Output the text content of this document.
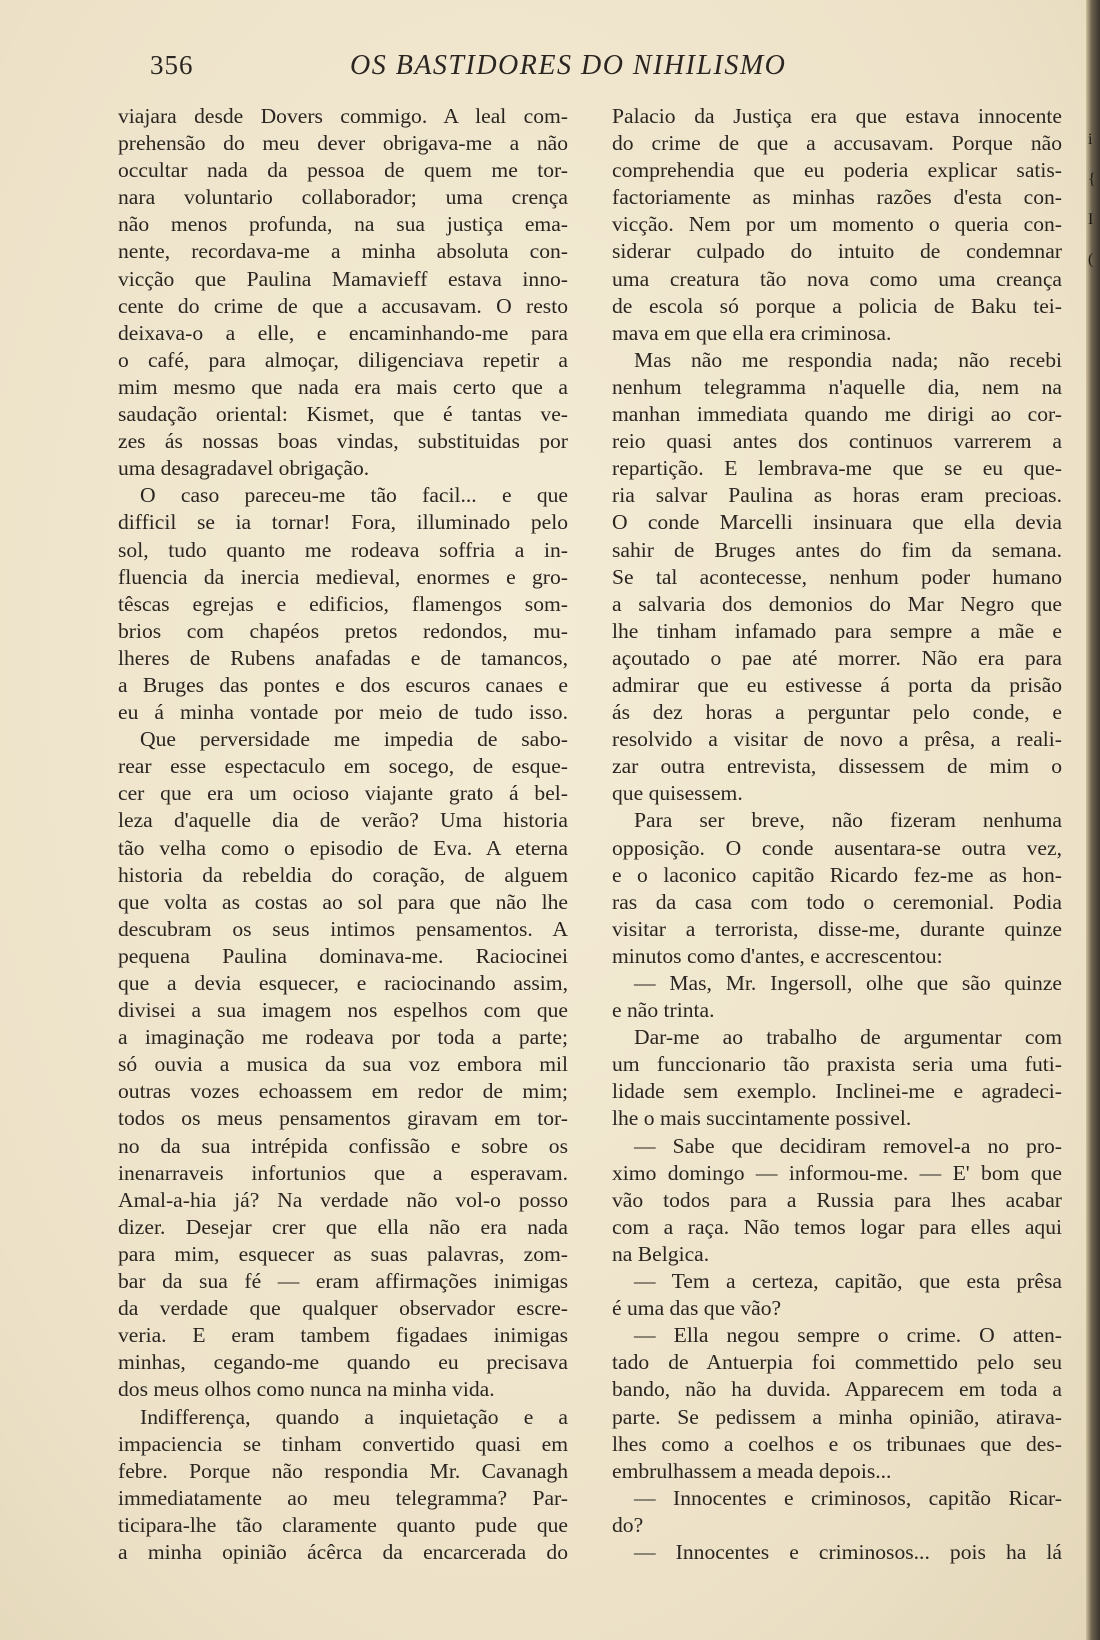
356	OS BASTIDORES DO NIHILISMO
viajara desde Dovers commigo. A leal com-
prehensão do meu dever obrigava-me a não
occultar nada da pessoa de quem me tor-
nara voluntario collaborador; uma crença
não menos profunda, na sua justiça ema-
nente, recordava-me a minha absoluta con-
vicção que Paulina Mamavieff estava inno-
cente do crime de que a accusavam. O resto
deixava-o a elle, e encaminhando-me para
o café, para almoçar, diligenciava repetir a
mim mesmo que nada era mais certo que a
saudação oriental: Kismet, que é tantas ve-
zes ás nossas boas vindas, substituidas por
uma desagradavel obrigação.
O caso pareceu-me tão facil... e que
difficil se ia tornar! Fora, illuminado pelo
sol, tudo quanto me rodeava soffria a in-
fluencia da inercia medieval, enormes e gro-
têscas egrejas e edificios, flamengos som-
brios com chapéos pretos redondos, mu-
lheres de Rubens anafadas e de tamancos,
a Bruges das pontes e dos escuros canaes e
eu á minha vontade por meio de tudo isso.
Que perversidade me impedia de sabo-
rear esse espectaculo em socego, de esque-
cer que era um ocioso viajante grato á bel-
leza d'aquelle dia de verão? Uma historia
tão velha como o episodio de Eva. A eterna
historia da rebeldia do coração, de alguem
que volta as costas ao sol para que não lhe
descubram os seus intimos pensamentos. A
pequena Paulina dominava-me. Raciocinei
que a devia esquecer, e raciocinando assim,
divisei a sua imagem nos espelhos com que
a imaginação me rodeava por toda a parte;
só ouvia a musica da sua voz embora mil
outras vozes echoassem em redor de mim;
todos os meus pensamentos giravam em tor-
no da sua intrépida confissão e sobre os
inenarraveis infortunios que a esperavam.
Amal-a-hia já? Na verdade não vol-o posso
dizer. Desejar crer que ella não era nada
para mim, esquecer as suas palavras, zom-
bar da sua fé — eram affirmações inimigas
da verdade que qualquer observador escre-
veria. E eram tambem figadaes inimigas
minhas, cegando-me quando eu precisava
dos meus olhos como nunca na minha vida.
Indifferença, quando a inquietação e a
impaciencia se tinham convertido quasi em
febre. Porque não respondia Mr. Cavanagh
immediatamente ao meu telegramma? Par-
ticipara-lhe tão claramente quanto pude que
a minha opinião ácêrca da encarcerada do
Palacio da Justiça era que estava innocente
do crime de que a accusavam. Porque não
comprehendia que eu poderia explicar satis-
factoriamente as minhas razões d'esta con-
vicção. Nem por um momento o queria con-
siderar culpado do intuito de condemnar
uma creatura tão nova como uma creança
de escola só porque a policia de Baku tei-
mava em que ella era criminosa.
Mas não me respondia nada; não recebi
nenhum telegramma n'aquelle dia, nem na
manhan immediata quando me dirigi ao cor-
reio quasi antes dos continuos varrerem a
repartição. E lembrava-me que se eu que-
ria salvar Paulina as horas eram precioas.
O conde Marcelli insinuara que ella devia
sahir de Bruges antes do fim da semana.
Se tal acontecesse, nenhum poder humano
a salvaria dos demonios do Mar Negro que
lhe tinham infamado para sempre a mãe e
açoutado o pae até morrer. Não era para
admirar que eu estivesse á porta da prisão
ás dez horas a perguntar pelo conde, e
resolvido a visitar de novo a prêsa, a reali-
zar outra entrevista, dissessem de mim o
que quisessem.
Para ser breve, não fizeram nenhuma
opposição. O conde ausentara-se outra vez,
e o laconico capitão Ricardo fez-me as hon-
ras da casa com todo o ceremonial. Podia
visitar a terrorista, disse-me, durante quinze
minutos como d'antes, e accrescentou:
— Mas, Mr. Ingersoll, olhe que são quinze
e não trinta.
Dar-me ao trabalho de argumentar com
um funccionario tão praxista seria uma futi-
lidade sem exemplo. Inclinei-me e agradeci-
lhe o mais succintamente possivel.
— Sabe que decidiram removel-a no pro-
ximo domingo — informou-me. — E' bom que
vão todos para a Russia para lhes acabar
com a raça. Não temos logar para elles aqui
na Belgica.
— Tem a certeza, capitão, que esta prêsa
é uma das que vão?
— Ella negou sempre o crime. O atten-
tado de Antuerpia foi commettido pelo seu
bando, não ha duvida. Apparecem em toda a
parte. Se pedissem a minha opinião, atirava-
lhes como a coelhos e os tribunaes que des-
embrulhassem a meada depois...
— Innocentes e criminosos, capitão Ricar-
do?
— Innocentes e criminosos... pois ha lá
i
{
I
(
